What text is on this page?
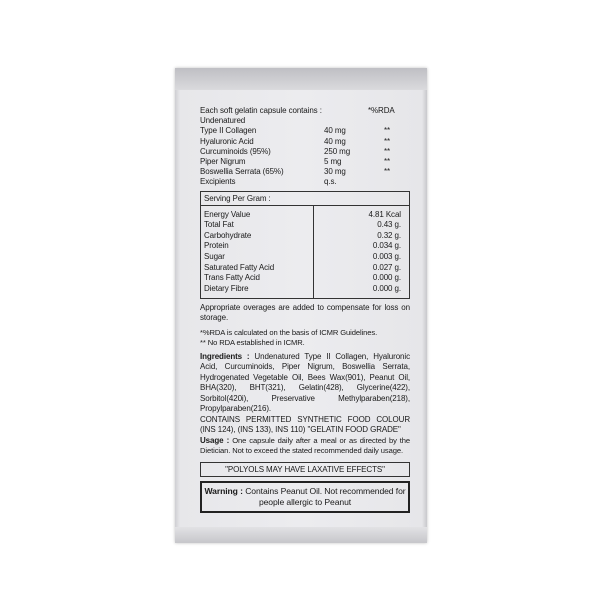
Each soft gelatin capsule contains :	*%RDA
Undenatured
Type II Collagen	40 mg	**
Hyaluronic Acid	40 mg	**
Curcuminoids (95%)	250 mg	**
Piper Nigrum	5 mg	**
Boswellia Serrata (65%)	30 mg	**
Excipients	q.s.
Serving Per Gram :
Energy Value	4.81 Kcal
Total Fat	0.43 g.
Carbohydrate	0.32 g.
Protein	0.034 g.
Sugar	0.003 g.
Saturated Fatty Acid	0.027 g.
Trans Fatty Acid	0.000 g.
Dietary Fibre	0.000 g.
Appropriate overages are added to compensate for loss on storage.
*%RDA is calculated on the basis of ICMR Guidelines.
** No RDA established in ICMR.
Ingredients : Undenatured Type II Collagen, Hyaluronic Acid, Curcuminoids, Piper Nigrum, Boswellia Serrata, Hydrogenated Vegetable Oil, Bees Wax(901), Peanut Oil, BHA(320), BHT(321), Gelatin(428), Glycerine(422), Sorbitol(420i), Preservative Methylparaben(218), Propylparaben(216).
CONTAINS PERMITTED SYNTHETIC FOOD COLOUR (INS 124), (INS 133), INS 110) "GELATIN FOOD GRADE"
Usage : One capsule daily after a meal or as directed by the Dietician. Not to exceed the stated recommended daily usage.
"POLYOLS MAY HAVE LAXATIVE EFFECTS"
Warning : Contains Peanut Oil. Not recommended for people allergic to Peanut
